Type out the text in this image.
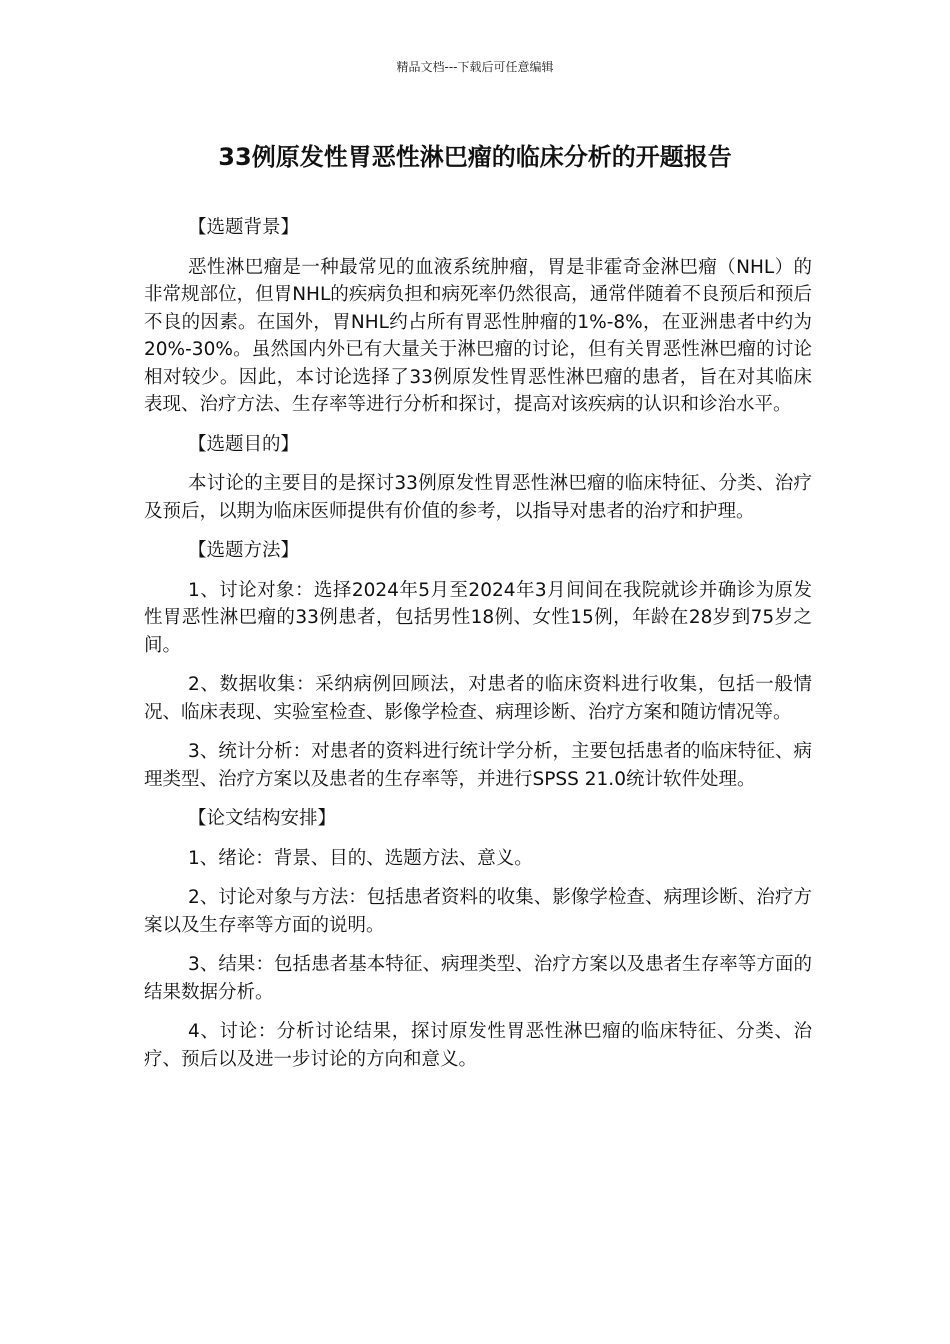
精品文档---下载后可任意编辑
33例原发性胃恶性淋巴瘤的临床分析的开题报告
【选题背景】

恶性淋巴瘤是一种最常见的血液系统肿瘤，胃是非霍奇金淋巴瘤（NHL）的非常规部位，但胃NHL的疾病负担和病死率仍然很高，通常伴随着不良预后和预后不良的因素。在国外，胃NHL约占所有胃恶性肿瘤的1%-8%，在亚洲患者中约为20%-30%。虽然国内外已有大量关于淋巴瘤的讨论，但有关胃恶性淋巴瘤的讨论相对较少。因此，本讨论选择了33例原发性胃恶性淋巴瘤的患者，旨在对其临床表现、治疗方法、生存率等进行分析和探讨，提高对该疾病的认识和诊治水平。

【选题目的】

本讨论的主要目的是探讨33例原发性胃恶性淋巴瘤的临床特征、分类、治疗及预后，以期为临床医师提供有价值的参考，以指导对患者的治疗和护理。

【选题方法】

1、讨论对象：选择2024年5月至2024年3月间间在我院就诊并确诊为原发性胃恶性淋巴瘤的33例患者，包括男性18例、女性15例，年龄在28岁到75岁之间。

2、数据收集：采纳病例回顾法，对患者的临床资料进行收集，包括一般情况、临床表现、实验室检查、影像学检查、病理诊断、治疗方案和随访情况等。

3、统计分析：对患者的资料进行统计学分析，主要包括患者的临床特征、病理类型、治疗方案以及患者的生存率等，并进行SPSS 21.0统计软件处理。

【论文结构安排】

1、绪论：背景、目的、选题方法、意义。

2、讨论对象与方法：包括患者资料的收集、影像学检查、病理诊断、治疗方案以及生存率等方面的说明。

3、结果：包括患者基本特征、病理类型、治疗方案以及患者生存率等方面的结果数据分析。

4、讨论：分析讨论结果，探讨原发性胃恶性淋巴瘤的临床特征、分类、治疗、预后以及进一步讨论的方向和意义。
